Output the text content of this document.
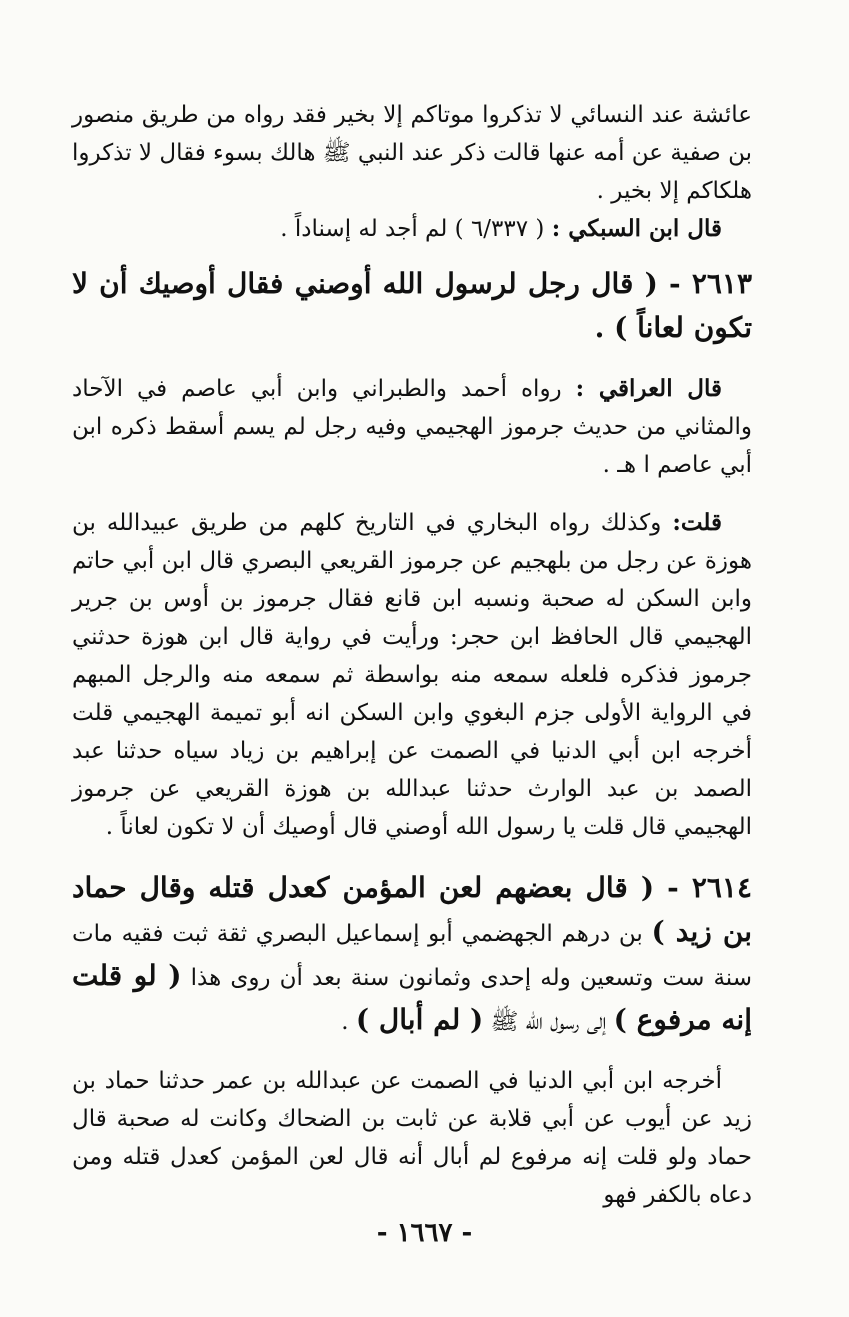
عائشة عند النسائي لا تذكروا موتاكم إلا بخير فقد رواه من طريق منصور بن صفية عن أمه عنها قالت ذكر عند النبي ﷺ هالك بسوء فقال لا تذكروا هلكاكم إلا بخير .

قال ابن السبكي : ( ٦/٣٣٧ ) لم أجد له إسناداً .

٢٦١٣ - ( قال رجل لرسول الله أوصني فقال أوصيك أن لا تكون لعاناً ) .

قال العراقي : رواه أحمد والطبراني وابن أبي عاصم في الآحاد والمثاني من حديث جرموز الهجيمي وفيه رجل لم يسم أسقط ذكره ابن أبي عاصم ا هـ .

قلت: وكذلك رواه البخاري في التاريخ كلهم من طريق عبيدالله بن هوزة عن رجل من بلهجيم عن جرموز القريعي البصري قال ابن أبي حاتم وابن السكن له صحبة ونسبه ابن قانع فقال جرموز بن أوس بن جرير الهجيمي قال الحافظ ابن حجر: ورأيت في رواية قال ابن هوزة حدثني جرموز فذكره فلعله سمعه منه بواسطة ثم سمعه منه والرجل المبهم في الرواية الأولى جزم البغوي وابن السكن انه أبو تميمة الهجيمي قلت أخرجه ابن أبي الدنيا في الصمت عن إبراهيم بن زياد سياه حدثنا عبد الصمد بن عبد الوارث حدثنا عبدالله بن هوزة القريعي عن جرموز الهجيمي قال قلت يا رسول الله أوصني قال أوصيك أن لا تكون لعاناً .

٢٦١٤ - ( قال بعضهم لعن المؤمن كعدل قتله وقال حماد بن زيد ) بن درهم الجهضمي أبو إسماعيل البصري ثقة ثبت فقيه مات سنة ست وتسعين وله إحدى وثمانون سنة بعد أن روى هذا ( لو قلت إنه مرفوع ) إلى رسول الله ﷺ ( لم أبال ) .

أخرجه ابن أبي الدنيا في الصمت عن عبدالله بن عمر حدثنا حماد بن زيد عن أيوب عن أبي قلابة عن ثابت بن الضحاك وكانت له صحبة قال حماد ولو قلت إنه مرفوع لم أبال أنه قال لعن المؤمن كعدل قتله ومن دعاه بالكفر فهو

- ١٦٦٧ -
